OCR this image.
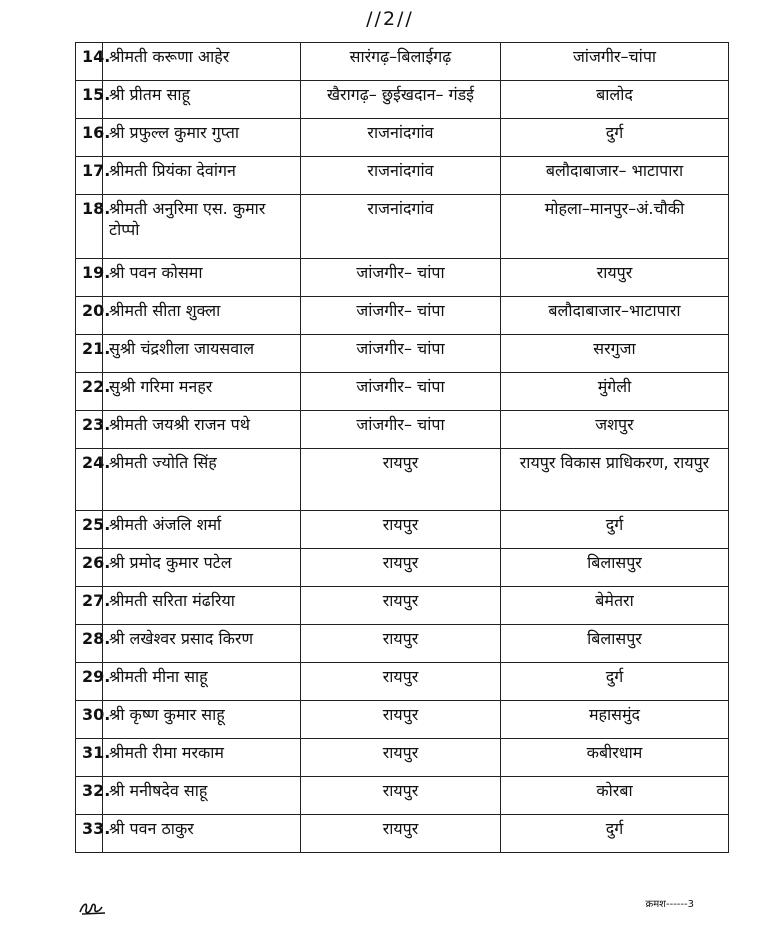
//2//
14.	श्रीमती करूणा आहेर	सारंगढ़–बिलाईगढ़	जांजगीर–चांपा
15.	श्री प्रीतम साहू	खैरागढ़– छुईखदान– गंडई	बालोद
16.	श्री प्रफुल्ल कुमार गुप्ता	राजनांदगांव	दुर्ग
17.	श्रीमती प्रियंका देवांगन	राजनांदगांव	बलौदाबाजार– भाटापारा
18.	श्रीमती अनुरिमा एस. कुमार टोप्पो	राजनांदगांव	मोहला–मानपुर–अं.चौकी
19.	श्री पवन कोसमा	जांजगीर– चांपा	रायपुर
20.	श्रीमती सीता शुक्ला	जांजगीर– चांपा	बलौदाबाजार–भाटापारा
21.	सुश्री चंद्रशीला जायसवाल	जांजगीर– चांपा	सरगुजा
22.	सुश्री गरिमा मनहर	जांजगीर– चांपा	मुंगेली
23.	श्रीमती जयश्री राजन पथे	जांजगीर– चांपा	जशपुर
24.	श्रीमती ज्योति सिंह	रायपुर	रायपुर विकास प्राधिकरण, रायपुर
25.	श्रीमती अंजलि शर्मा	रायपुर	दुर्ग
26.	श्री प्रमोद कुमार पटेल	रायपुर	बिलासपुर
27.	श्रीमती सरिता मंढरिया	रायपुर	बेमेतरा
28.	श्री लखेश्वर प्रसाद किरण	रायपुर	बिलासपुर
29.	श्रीमती मीना साहू	रायपुर	दुर्ग
30.	श्री कृष्ण कुमार साहू	रायपुर	महासमुंद
31.	श्रीमती रीमा मरकाम	रायपुर	कबीरधाम
32.	श्री मनीषदेव साहू	रायपुर	कोरबा
33.	श्री पवन ठाकुर	रायपुर	दुर्ग
क्रमश------3
